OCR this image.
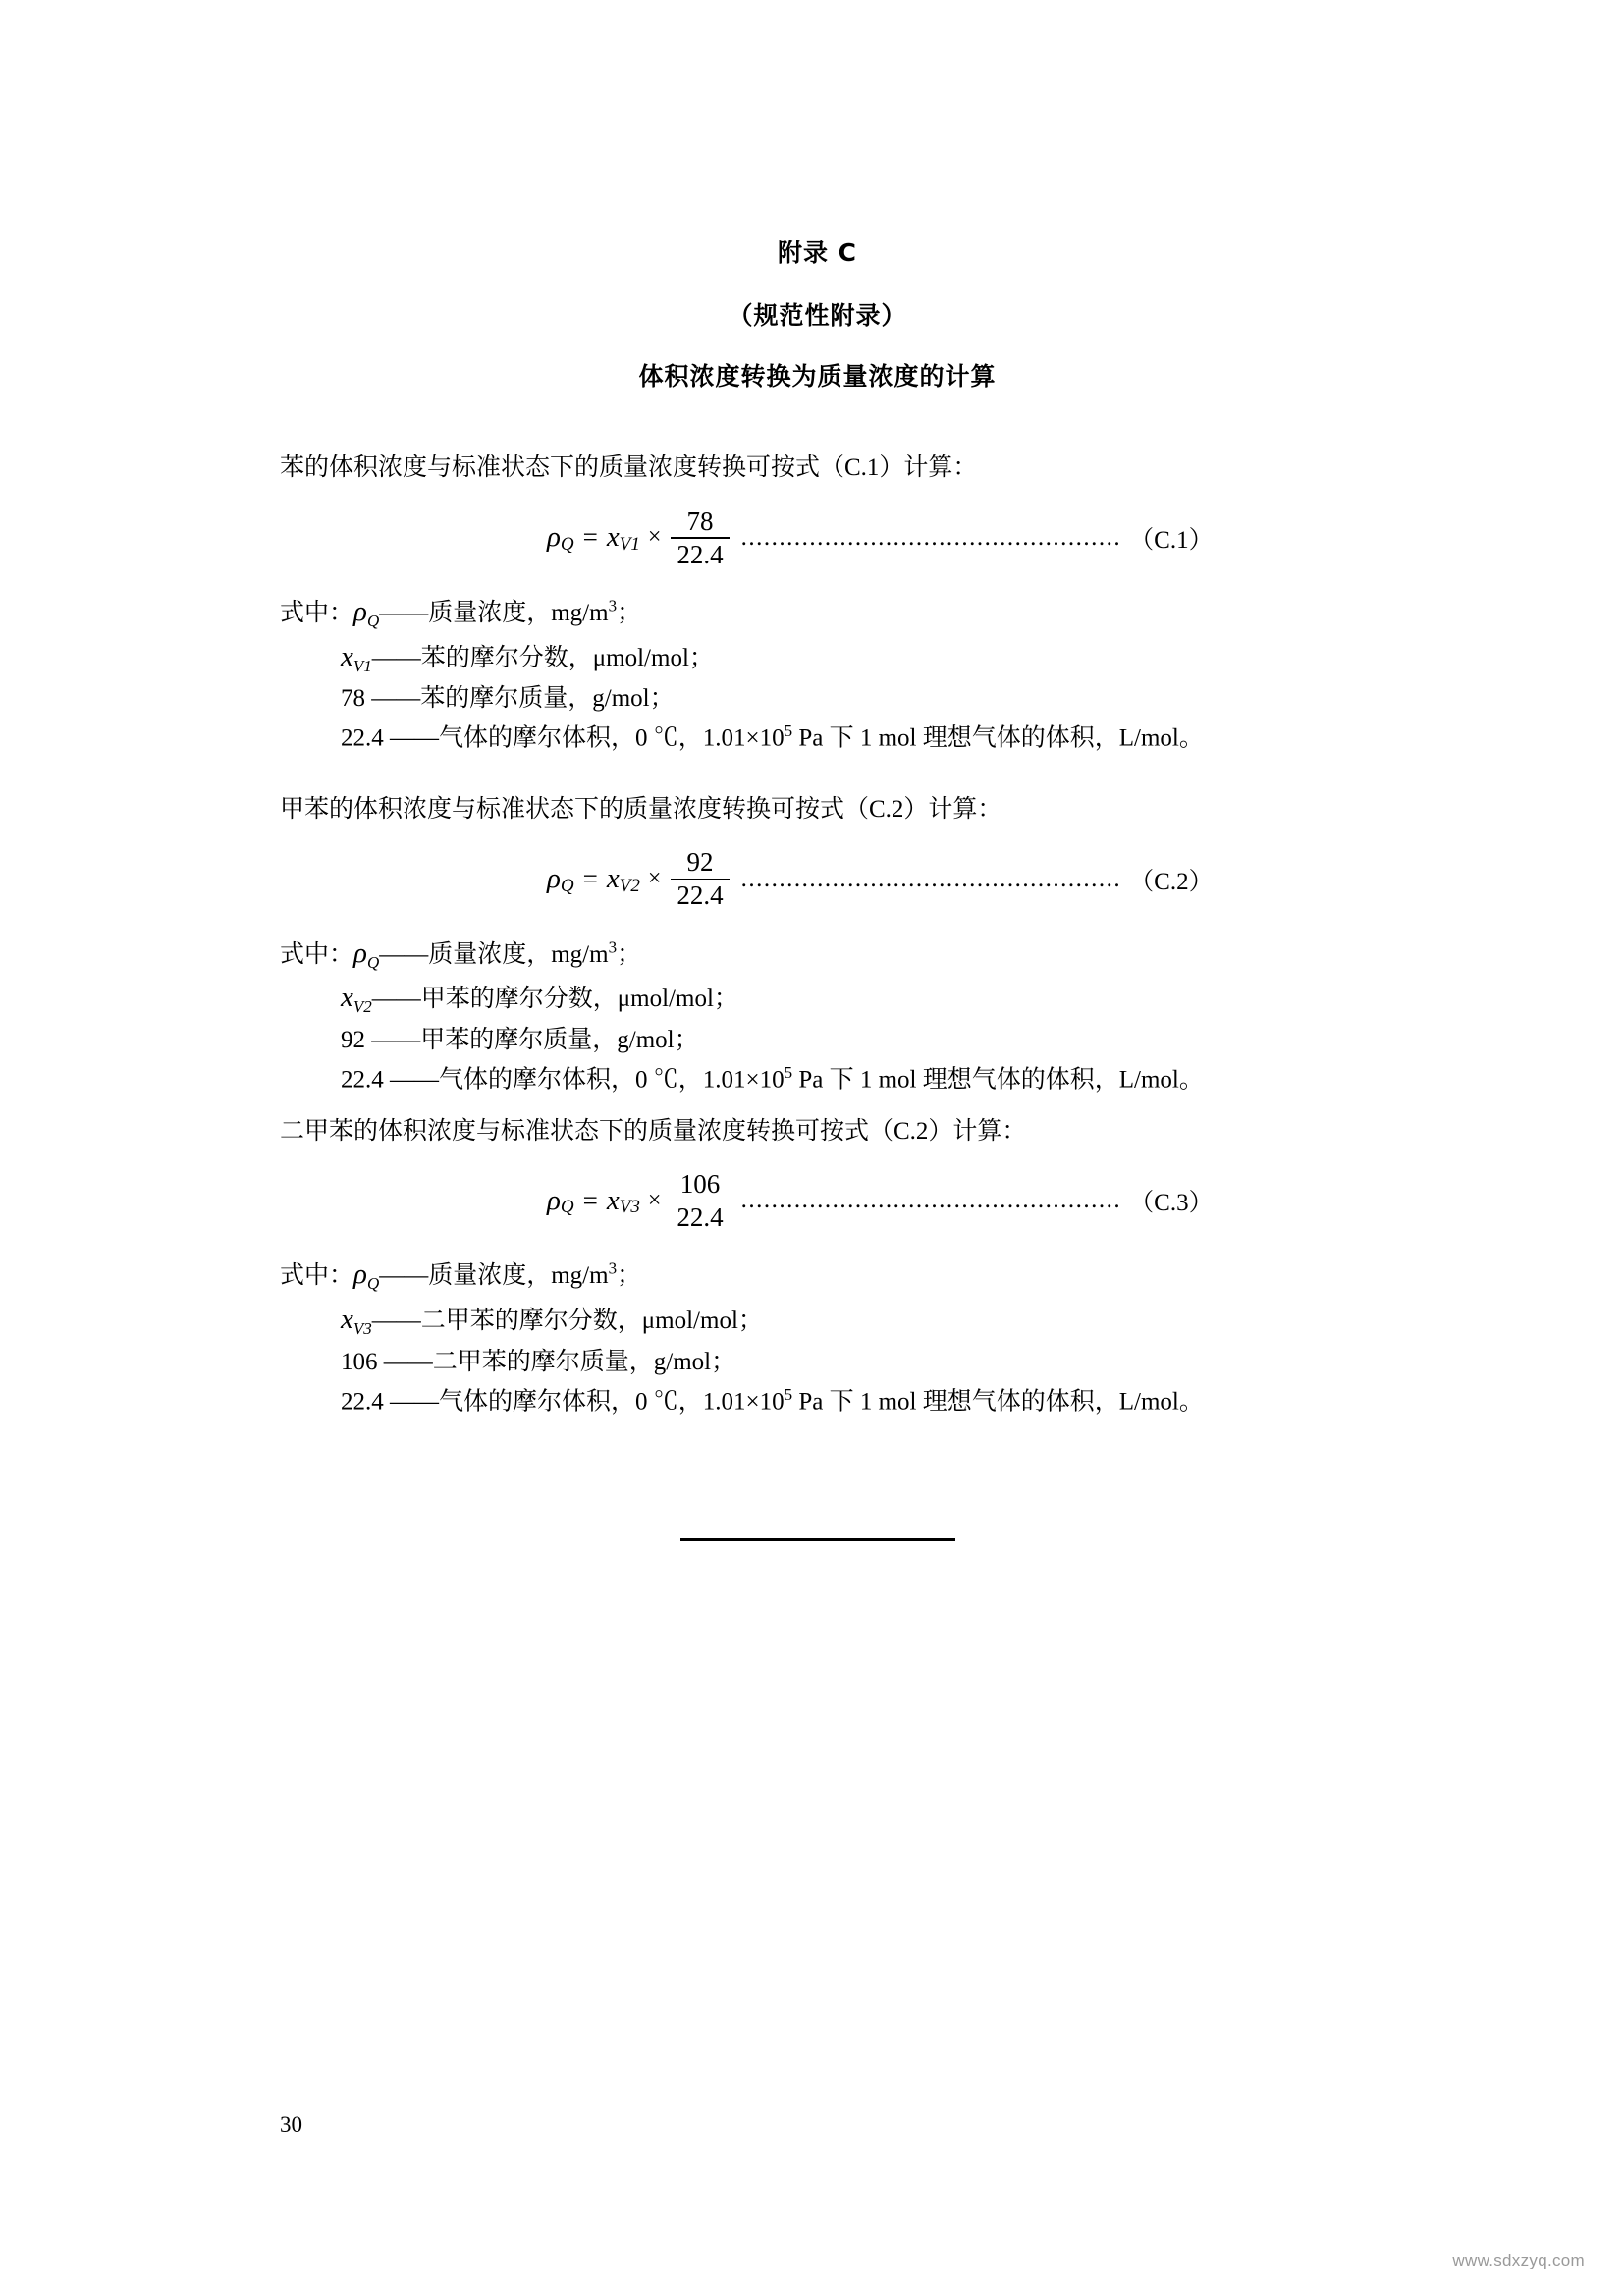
附录 C
（规范性附录）
体积浓度转换为质量浓度的计算

苯的体积浓度与标准状态下的质量浓度转换可按式（C.1）计算：

ρ Q = x $V1 \times \frac{78}{22.4}$ .................................................. （C.1）

式中：$\rho_Q——$质量浓度，$mg/m^3$；

$x_{V1}——$苯的摩尔分数，μmol/mol；

78 ——苯的摩尔质量，g/mol；

22.4 ——气体的摩尔体积，0 ℃，$1.01\times 10^5$ Pa 下 1 mol 理想气体的体积，L/mol。

甲苯的体积浓度与标准状态下的质量浓度转换可按式（C.2）计算：

ρ Q = x $V2 \times \frac{92}{22.4}$ .................................................. （C.2）

式中：$\rho_Q——$质量浓度，$mg/m^3$；

$x_{V2}——$甲苯的摩尔分数，μmol/mol；

92 ——甲苯的摩尔质量，g/mol；

22.4 ——气体的摩尔体积，0 ℃，$1.01\times 10^5$ Pa 下 1 mol 理想气体的体积，L/mol。

二甲苯的体积浓度与标准状态下的质量浓度转换可按式（C.2）计算：

ρ Q = x $V3 \times \frac{106}{22.4}$ .................................................. （C.3）

式中：$\rho_Q——$质量浓度，$mg/m^3$；

$x_{V3}——$二甲苯的摩尔分数，μmol/mol；

106 ——二甲苯的摩尔质量，g/mol；

22.4 ——气体的摩尔体积，0 ℃，$1.01\times 10^5$ Pa 下 1 mol 理想气体的体积，L/mol。

30
www.sdxzyq.com
